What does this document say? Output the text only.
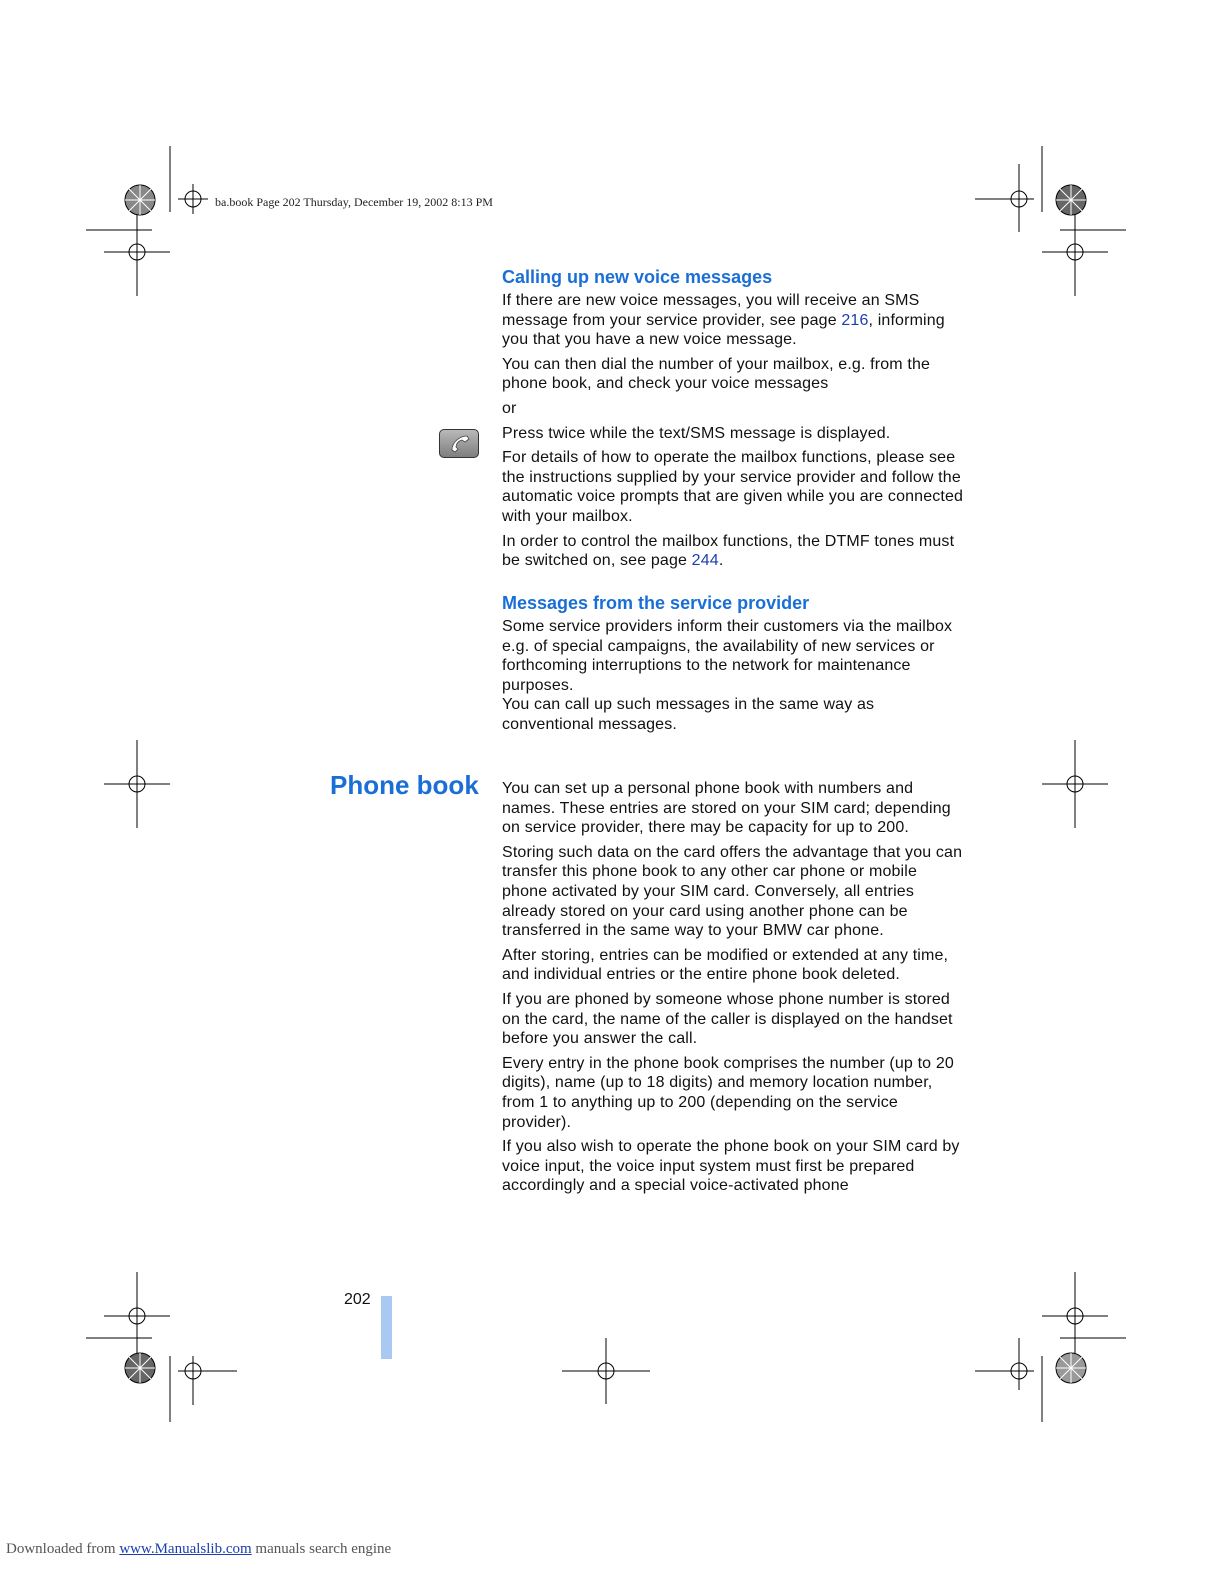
ba.book Page 202 Thursday, December 19, 2002 8:13 PM
Calling up new voice messages

If there are new voice messages, you will receive an SMS message from your service provider, see page 216, informing you that you have a new voice message.

You can then dial the number of your mailbox, e.g. from the phone book, and check your voice messages

or

Press twice while the text/SMS message is displayed.

For details of how to operate the mailbox functions, please see the instructions supplied by your service provider and follow the automatic voice prompts that are given while you are connected with your mailbox.

In order to control the mailbox functions, the DTMF tones must be switched on, see page 244.

Messages from the service provider

Some service providers inform their customers via the mailbox e.g. of special campaigns, the availability of new services or forthcoming interruptions to the network for maintenance purposes.

You can call up such messages in the same way as conventional messages.

Phone book You can set up a personal phone book with numbers and names. These entries are stored on your SIM card; depending on service provider, there may be capacity for up to 200.

Storing such data on the card offers the advantage that you can transfer this phone book to any other car phone or mobile phone activated by your SIM card. Conversely, all entries already stored on your card using another phone can be transferred in the same way to your BMW car phone.

After storing, entries can be modified or extended at any time, and individual entries or the entire phone book deleted.

If you are phoned by someone whose phone number is stored on the card, the name of the caller is displayed on the handset before you answer the call.

Every entry in the phone book comprises the number (up to 20 digits), name (up to 18 digits) and memory location number, from 1 to anything up to 200 (depending on the service provider).

If you also wish to operate the phone book on your SIM card by voice input, the voice input system must first be prepared accordingly and a special voice-activated phone

202
Downloaded from www.Manualslib.com manuals search engine
